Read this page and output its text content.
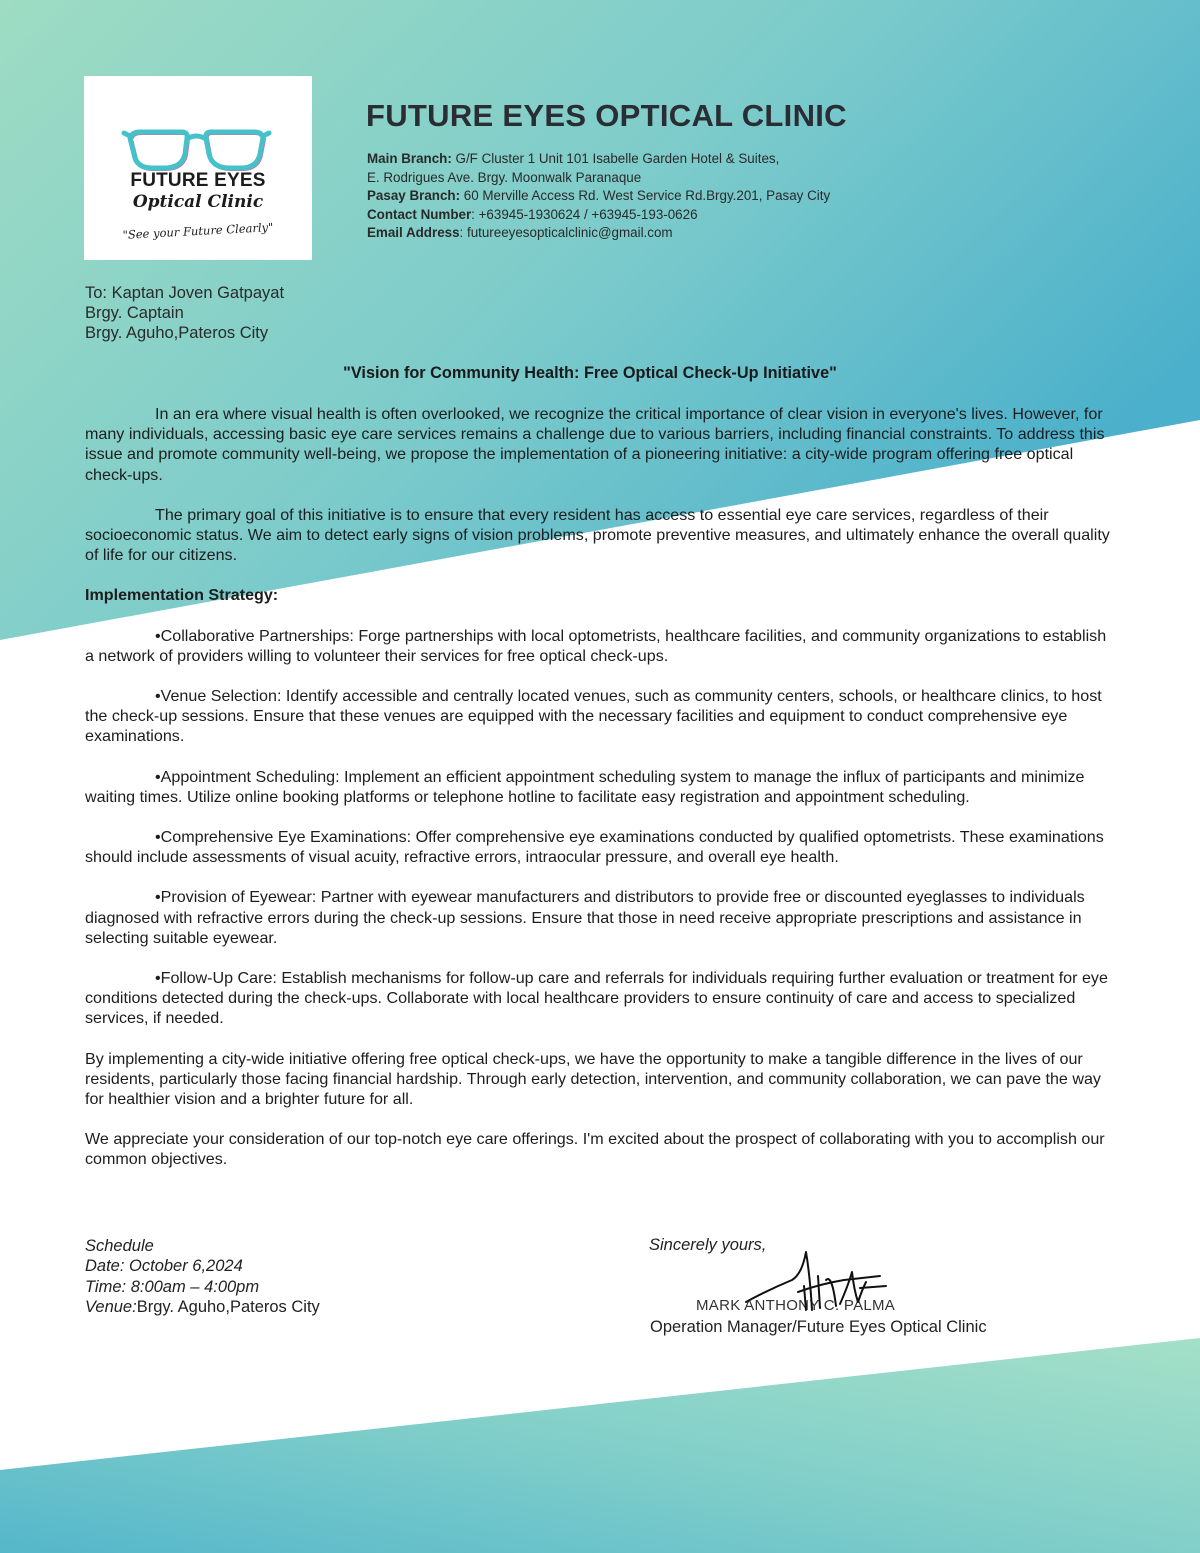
FUTURE EYES
Optical Clinic
"See your Future Clearly"
FUTURE EYES OPTICAL CLINIC
Main Branch: G/F Cluster 1 Unit 101 Isabelle Garden Hotel & Suites,
E. Rodrigues Ave. Brgy. Moonwalk Paranaque
Pasay Branch: 60 Merville Access Rd. West Service Rd.Brgy.201, Pasay City
Contact Number: +63945-1930624 / +63945-193-0626
Email Address: futureeyesopticalclinic@gmail.com
To: Kaptan Joven Gatpayat
Brgy. Captain
Brgy. Aguho,Pateros City
"Vision for Community Health: Free Optical Check-Up Initiative"

In an era where visual health is often overlooked, we recognize the critical importance of clear vision in everyone's lives. However, for many individuals, accessing basic eye care services remains a challenge due to various barriers, including financial constraints. To address this issue and promote community well-being, we propose the implementation of a pioneering initiative: a city-wide program offering free optical check-ups.

The primary goal of this initiative is to ensure that every resident has access to essential eye care services, regardless of their socioeconomic status. We aim to detect early signs of vision problems, promote preventive measures, and ultimately enhance the overall quality of life for our citizens.

Implementation Strategy:

•Collaborative Partnerships: Forge partnerships with local optometrists, healthcare facilities, and community organizations to establish a network of providers willing to volunteer their services for free optical check-ups.

•Venue Selection: Identify accessible and centrally located venues, such as community centers, schools, or healthcare clinics, to host the check-up sessions. Ensure that these venues are equipped with the necessary facilities and equipment to conduct comprehensive eye examinations.

•Appointment Scheduling: Implement an efficient appointment scheduling system to manage the influx of participants and minimize waiting times. Utilize online booking platforms or telephone hotline to facilitate easy registration and appointment scheduling.

•Comprehensive Eye Examinations: Offer comprehensive eye examinations conducted by qualified optometrists. These examinations should include assessments of visual acuity, refractive errors, intraocular pressure, and overall eye health.

•Provision of Eyewear: Partner with eyewear manufacturers and distributors to provide free or discounted eyeglasses to individuals diagnosed with refractive errors during the check-up sessions. Ensure that those in need receive appropriate prescriptions and assistance in selecting suitable eyewear.

•Follow-Up Care: Establish mechanisms for follow-up care and referrals for individuals requiring further evaluation or treatment for eye conditions detected during the check-ups. Collaborate with local healthcare providers to ensure continuity of care and access to specialized services, if needed.

By implementing a city-wide initiative offering free optical check-ups, we have the opportunity to make a tangible difference in the lives of our residents, particularly those facing financial hardship. Through early detection, intervention, and community collaboration, we can pave the way for healthier vision and a brighter future for all.

We appreciate your consideration of our top-notch eye care offerings. I'm excited about the prospect of collaborating with you to accomplish our common objectives.

Schedule
Date: October 6,2024
Time: 8:00am – 4:00pm
Venue:Brgy. Aguho,Pateros City
Sincerely yours,
MARK ANTHONY C. PALMA
Operation Manager/Future Eyes Optical Clinic
